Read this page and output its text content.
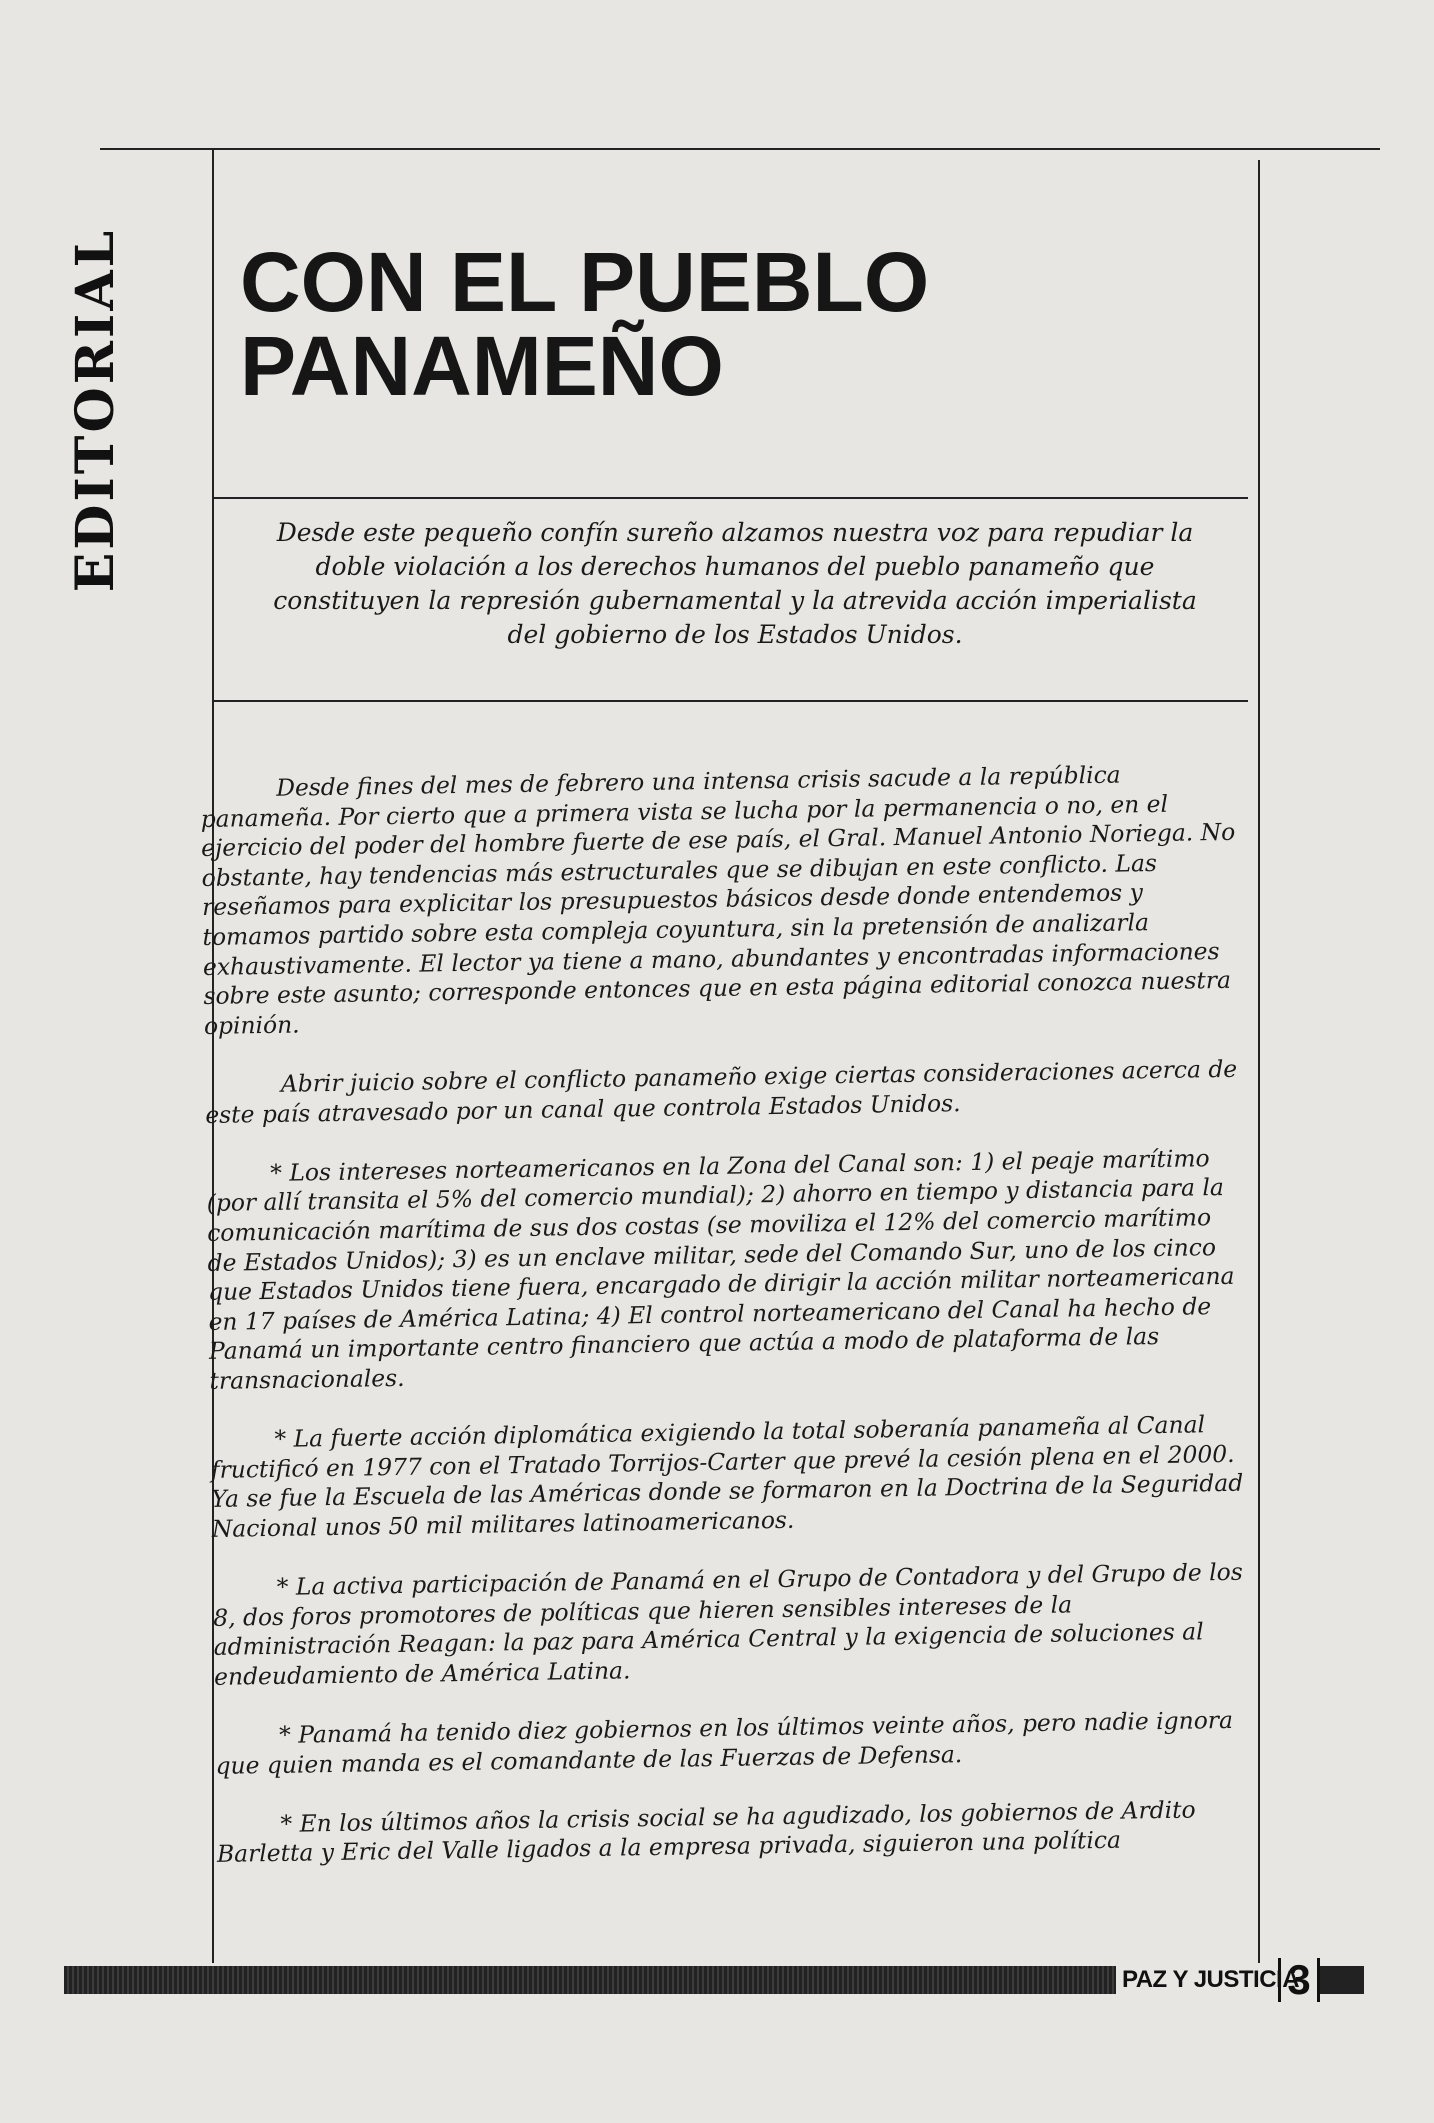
EDITORIAL CON EL PUEBLO
PANAMEÑO

Desde este pequeño confín sureño alzamos nuestra voz para repudiar la doble violación a los derechos humanos del pueblo panameño que constituyen la represión gubernamental y la atrevida acción imperialista del gobierno de los Estados Unidos.

Desde fines del mes de febrero una intensa crisis sacude a la república panameña. Por cierto que a primera vista se lucha por la permanencia o no, en el ejercicio del poder del hombre fuerte de ese país, el Gral. Manuel Antonio Noriega. No obstante, hay tendencias más estructurales que se dibujan en este conflicto. Las reseñamos para explicitar los presupuestos básicos desde donde entendemos y tomamos partido sobre esta compleja coyuntura, sin la pretensión de analizarla exhaustivamente. El lector ya tiene a mano, abundantes y encontradas informaciones sobre este asunto; corresponde entonces que en esta página editorial conozca nuestra opinión.

Abrir juicio sobre el conflicto panameño exige ciertas consideraciones acerca de este país atravesado por un canal que controla Estados Unidos.

* Los intereses norteamericanos en la Zona del Canal son: 1) el peaje marítimo (por allí transita el 5% del comercio mundial); 2) ahorro en tiempo y distancia para la comunicación marítima de sus dos costas (se moviliza el 12% del comercio marítimo de Estados Unidos); 3) es un enclave militar, sede del Comando Sur, uno de los cinco que Estados Unidos tiene fuera, encargado de dirigir la acción militar norteamericana en 17 países de América Latina; 4) El control norteamericano del Canal ha hecho de Panamá un importante centro financiero que actúa a modo de plataforma de las transnacionales.

* La fuerte acción diplomática exigiendo la total soberanía panameña al Canal fructificó en 1977 con el Tratado Torrijos-Carter que prevé la cesión plena en el 2000. Ya se fue la Escuela de las Américas donde se formaron en la Doctrina de la Seguridad Nacional unos 50 mil militares latinoamericanos.

* La activa participación de Panamá en el Grupo de Contadora y del Grupo de los 8, dos foros promotores de políticas que hieren sensibles intereses de la administración Reagan: la paz para América Central y la exigencia de soluciones al endeudamiento de América Latina.

* Panamá ha tenido diez gobiernos en los últimos veinte años, pero nadie ignora que quien manda es el comandante de las Fuerzas de Defensa.

* En los últimos años la crisis social se ha agudizado, los gobiernos de Ardito Barletta y Eric del Valle ligados a la empresa privada, siguieron una política

PAZ Y JUSTICIA
3
